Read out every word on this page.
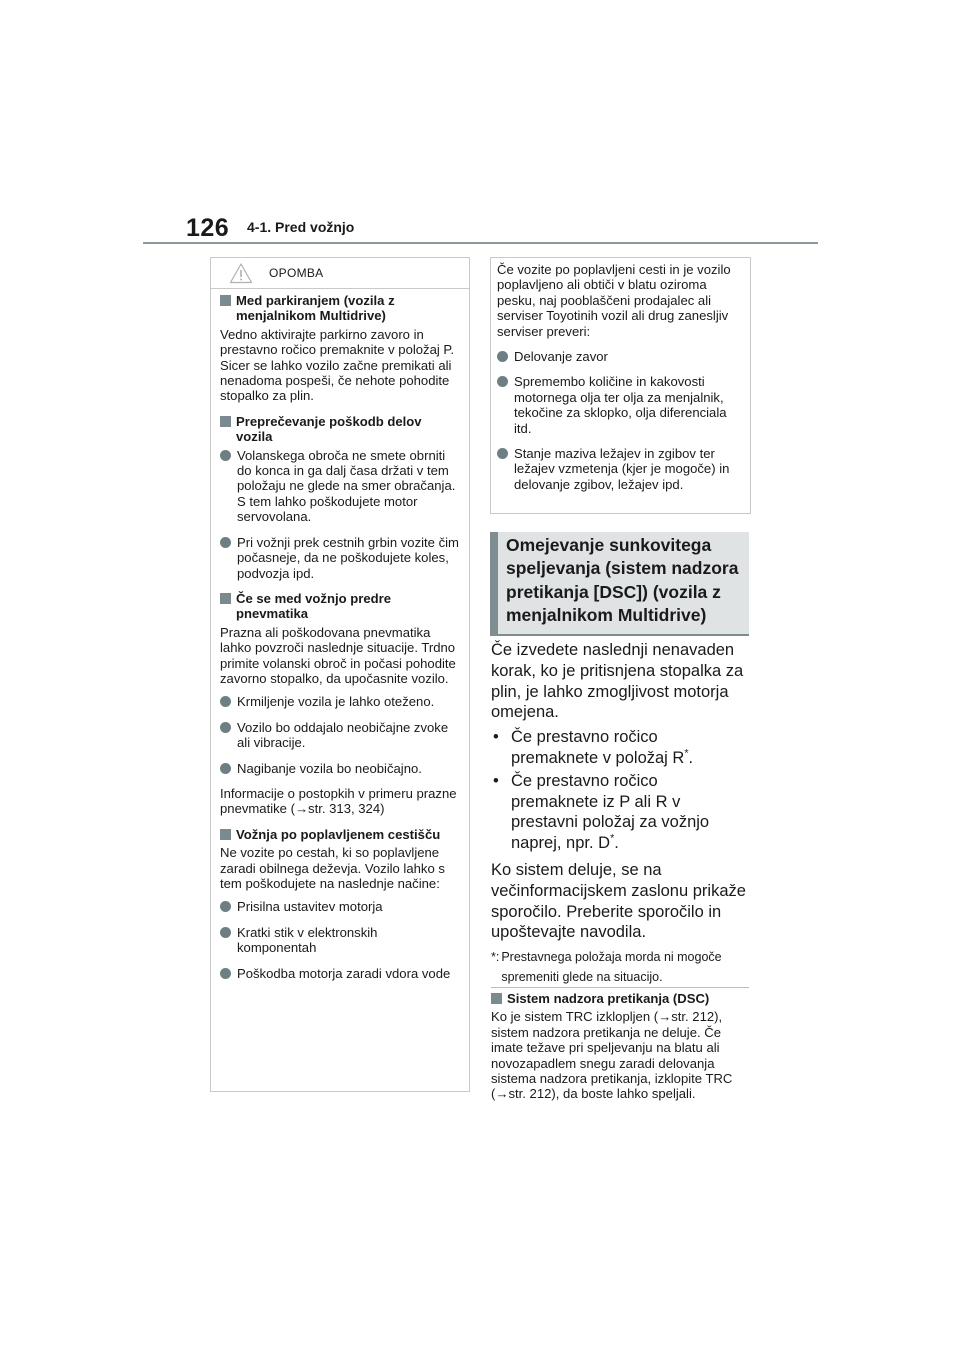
126 4-1. Pred vožnjo
OPOMBA
Med parkiranjem (vozila z menjalnikom Multidrive)
Vedno aktivirajte parkirno zavoro in prestavno ročico premaknite v položaj P. Sicer se lahko vozilo začne premikati ali nenadoma pospeši, če nehote pohodite stopalko za plin.
Preprečevanje poškodb delov vozila
Volanskega obroča ne smete obrniti do konca in ga dalj časa držati v tem položaju ne glede na smer obračanja.
S tem lahko poškodujete motor servovolana.
Pri vožnji prek cestnih grbin vozite čim počasneje, da ne poškodujete koles, podvozja ipd.
Če se med vožnjo predre pnevmatika
Prazna ali poškodovana pnevmatika lahko povzroči naslednje situacije. Trdno primite volanski obroč in počasi pohodite zavorno stopalko, da upočasnite vozilo.
Krmiljenje vozila je lahko oteženo.
Vozilo bo oddajalo neobičajne zvoke ali vibracije.
Nagibanje vozila bo neobičajno.
Informacije o postopkih v primeru prazne pnevmatike (→str. 313, 324)
Vožnja po poplavljenem cestišču
Ne vozite po cestah, ki so poplavljene zaradi obilnega deževja. Vozilo lahko s tem poškodujete na naslednje načine:
Prisilna ustavitev motorja
Kratki stik v elektronskih komponentah
Poškodba motorja zaradi vdora vode
Če vozite po poplavljeni cesti in je vozilo poplavljeno ali obtiči v blatu oziroma pesku, naj pooblaščeni prodajalec ali serviser Toyotinih vozil ali drug zanesljiv serviser preveri:
Delovanje zavor
Spremembo količine in kakovosti motornega olja ter olja za menjalnik, tekočine za sklopko, olja diferenciala itd.
Stanje maziva ležajev in zgibov ter ležajev vzmetenja (kjer je mogoče) in delovanje zgibov, ležajev ipd.
Omejevanje sunkovitega speljevanja (sistem nadzora pretikanja [DSC]) (vozila z menjalnikom Multidrive)

Če izvedete naslednji nenavaden korak, ko je pritisnjena stopalka za plin, je lahko zmogljivost motorja omejena.

• Če prestavno ročico premaknete v položaj R*.
• Če prestavno ročico premaknete iz P ali R v prestavni položaj za vožnjo naprej, npr. D*.

Ko sistem deluje, se na večinformacijskem zaslonu prikaže sporočilo. Preberite sporočilo in upoštevajte navodila.

*: Prestavnega položaja morda ni mogoče spremeniti glede na situacijo.
Sistem nadzora pretikanja (DSC)
Ko je sistem TRC izklopljen (→str. 212), sistem nadzora pretikanja ne deluje. Če imate težave pri speljevanju na blatu ali novozapadlem snegu zaradi delovanja sistema nadzora pretikanja, izklopite TRC (→str. 212), da boste lahko speljali.
